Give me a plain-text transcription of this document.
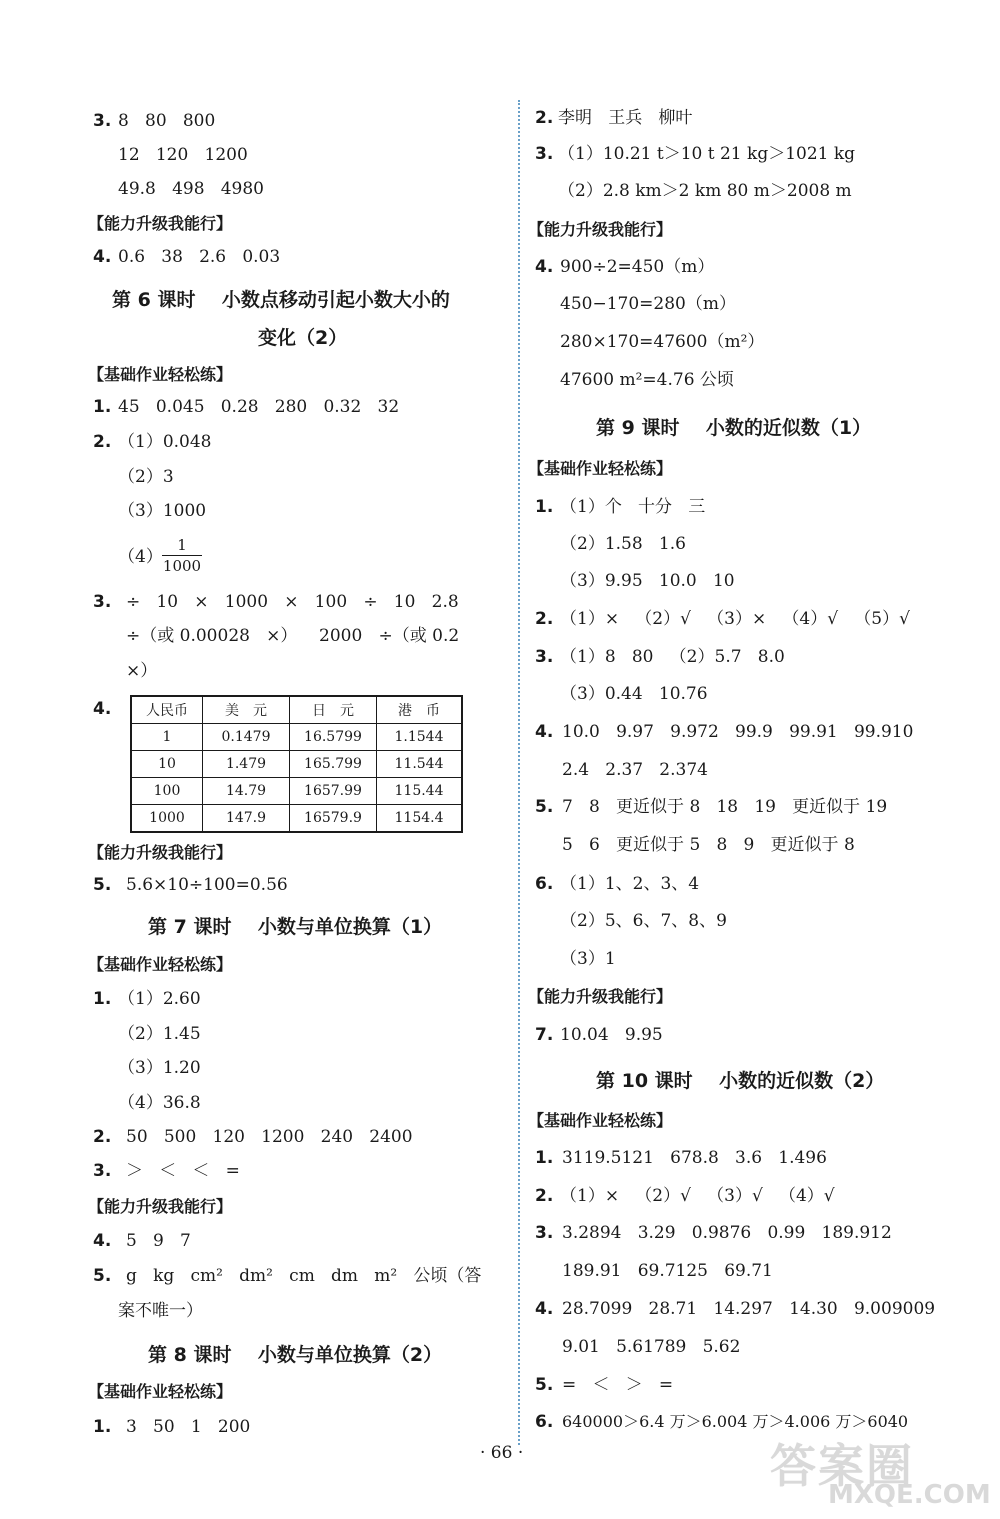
3. 8   80   800
12   120   1200
49.8   498   4980
【能力升级我能行】
4. 0.6   38   2.6   0.03
第 6 课时    小数点移动引起小数大小的
变化（2）
【基础作业轻松练】
1. 45   0.045   0.28   280   0.32   32
2. （1）0.048
（2）3
（3）1000
（4）
1
1000
3. ÷   10   ×   1000   ×   100   ÷   10   2.8
÷（或 0.00028   ×）    2000   ÷（或 0.2
×）
4. 人民币	美　元	日　元	港　币
1	0.1479	16.5799	1.1544
10	1.479	165.799	11.544
100	14.79	1657.99	115.44
1000	147.9	16579.9	1154.4
【能力升级我能行】
5. 5.6×10÷100=0.56
第 7 课时    小数与单位换算（1）
【基础作业轻松练】
1. （1）2.60
（2）1.45
（3）1.20
（4）36.8
2. 50   500   120   1200   240   2400
3. ＞   ＜   ＜   =
【能力升级我能行】
4. 5   9   7
5. g   kg   cm²   dm²   cm   dm   m²   公顷（答
案不唯一）
第 8 课时    小数与单位换算（2）
【基础作业轻松练】
1. 3   50   1   200
2. 李明   王兵   柳叶
3. （1）10.21 t＞10 t 21 kg＞1021 kg
（2）2.8 km＞2 km 80 m＞2008 m
【能力升级我能行】
4. 900÷2=450（m）
450−170=280（m）
280×170=47600（m²）
47600 m²=4.76 公顷
第 9 课时    小数的近似数（1）
【基础作业轻松练】
1. （1）个   十分   三
（2）1.58   1.6
（3）9.95   10.0   10
2. （1）×   （2）√   （3）×   （4）√   （5）√
3. （1）8   80   （2）5.7   8.0
（3）0.44   10.76
4. 10.0   9.97   9.972   99.9   99.91   99.910
2.4   2.37   2.374
5. 7   8   更近似于 8   18   19   更近似于 19
5   6   更近似于 5   8   9   更近似于 8
6. （1）1、2、3、4
（2）5、6、7、8、9
（3）1
【能力升级我能行】
7. 10.04   9.95
第 10 课时    小数的近似数（2）
【基础作业轻松练】
1. 3119.5121   678.8   3.6   1.496
2. （1）×   （2）√   （3）√   （4）√
3. 3.2894   3.29   0.9876   0.99   189.912
189.91   69.7125   69.71
4. 28.7099   28.71   14.297   14.30   9.009009
9.01   5.61789   5.62
5. =   ＜   ＞   =
6. 640000＞6.4 万＞6.004 万＞4.006 万＞6040
· 66 ·	答案圈
MXQE.COM
